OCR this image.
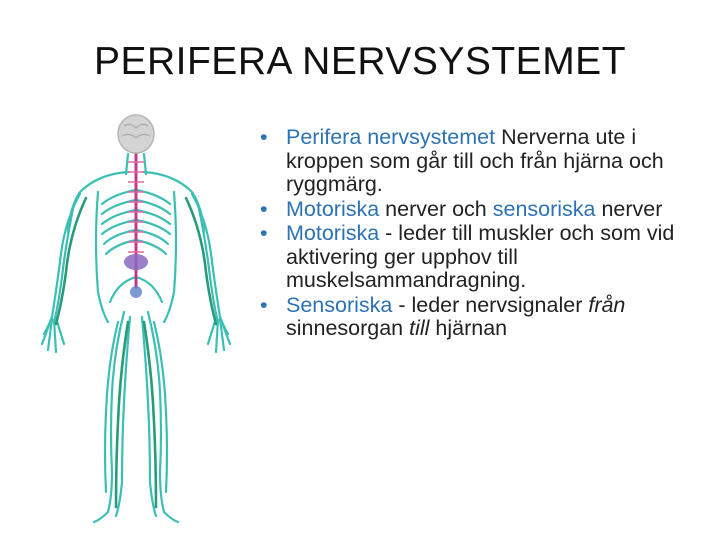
PERIFERA NERVSYSTEMET
• Perifera nervsystemet Nerverna ute i kroppen som går till och från hjärna och ryggmärg.
• Motoriska nerver och sensoriska nerver
• Motoriska - leder till muskler och som vid aktivering ger upphov till muskelsammandragning.
• Sensoriska - leder nervsignaler från sinnesorgan till hjärnan
